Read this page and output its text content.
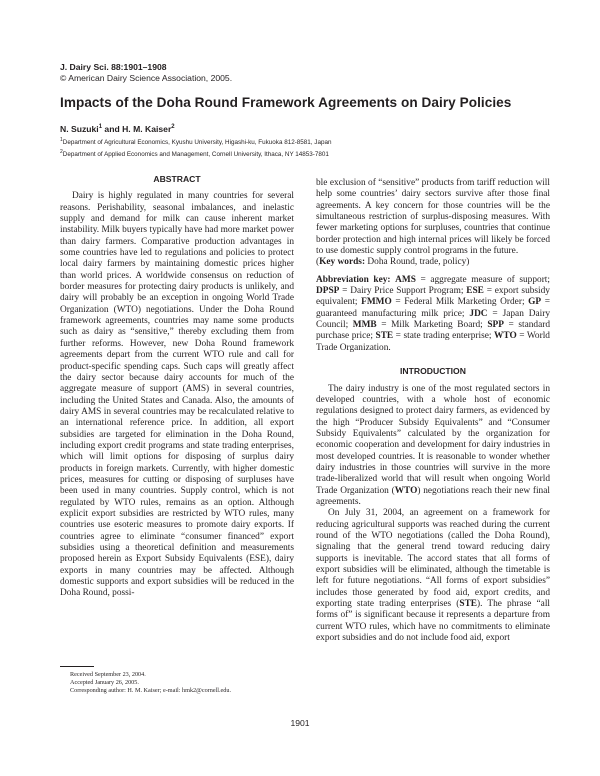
J. Dairy Sci. 88:1901–1908
© American Dairy Science Association, 2005.
Impacts of the Doha Round Framework Agreements on Dairy Policies
N. Suzuki$^1$ and H. M. Kaiser$^2$
$^1$Department of Agricultural Economics, Kyushu University, Higashi-ku, Fukuoka 812-8581, Japan
$^2$Department of Applied Economics and Management, Cornell University, Ithaca, NY 14853-7801
ABSTRACT

Dairy is highly regulated in many countries for several reasons. Perishability, seasonal imbalances, and inelastic supply and demand for milk can cause inherent market instability. Milk buyers typically have had more market power than dairy farmers. Comparative production advantages in some countries have led to regulations and policies to protect local dairy farmers by maintaining domestic prices higher than world prices. A worldwide consensus on reduction of border measures for protecting dairy products is unlikely, and dairy will probably be an exception in ongoing World Trade Organization (WTO) negotiations. Under the Doha Round framework agreements, countries may name some products such as dairy as “sensitive,” thereby excluding them from further reforms. However, new Doha Round framework agreements depart from the current WTO rule and call for product-specific spending caps. Such caps will greatly affect the dairy sector because dairy accounts for much of the aggregate measure of support (AMS) in several countries, including the United States and Canada. Also, the amounts of dairy AMS in several countries may be recalculated relative to an international reference price. In addition, all export subsidies are targeted for elimination in the Doha Round, including export credit programs and state trading enterprises, which will limit options for disposing of surplus dairy products in foreign markets. Currently, with higher domestic prices, measures for cutting or disposing of surpluses have been used in many countries. Supply control, which is not regulated by WTO rules, remains as an option. Although explicit export subsidies are restricted by WTO rules, many countries use esoteric measures to promote dairy exports. If countries agree to eliminate “consumer financed” export subsidies using a theoretical definition and measurements proposed herein as Export Subsidy Equivalents (ESE), dairy exports in many countries may be affected. Although domestic supports and export subsidies will be reduced in the Doha Round, possi-

ble exclusion of “sensitive” products from tariff reduction will help some countries’ dairy sectors survive after those final agreements. A key concern for those countries will be the simultaneous restriction of surplus-disposing measures. With fewer marketing options for surpluses, countries that continue border protection and high internal prices will likely be forced to use domestic supply control programs in the future.

(Key words: Doha Round, trade, policy)

Abbreviation key: AMS = aggregate measure of support; DPSP = Dairy Price Support Program; ESE = export subsidy equivalent; FMMO = Federal Milk Marketing Order; GP = guaranteed manufacturing milk price; JDC = Japan Dairy Council; MMB = Milk Marketing Board; SPP = standard purchase price; STE = state trading enterprise; WTO = World Trade Organization.

INTRODUCTION

The dairy industry is one of the most regulated sectors in developed countries, with a whole host of economic regulations designed to protect dairy farmers, as evidenced by the high “Producer Subsidy Equivalents” and “Consumer Subsidy Equivalents” calculated by the organization for economic cooperation and development for dairy industries in most developed countries. It is reasonable to wonder whether dairy industries in those countries will survive in the more trade-liberalized world that will result when ongoing World Trade Organization (WTO) negotiations reach their new final agreements.

On July 31, 2004, an agreement on a framework for reducing agricultural supports was reached during the current round of the WTO negotiations (called the Doha Round), signaling that the general trend toward reducing dairy supports is inevitable. The accord states that all forms of export subsidies will be eliminated, although the timetable is left for future negotiations. “All forms of export subsidies” includes those generated by food aid, export credits, and exporting state trading enterprises (STE). The phrase “all forms of” is significant because it represents a departure from current WTO rules, which have no commitments to eliminate export subsidies and do not include food aid, export

Received September 23, 2004.
Accepted January 26, 2005.
Corresponding author: H. M. Kaiser; e-mail: hmk2@cornell.edu.
1901
